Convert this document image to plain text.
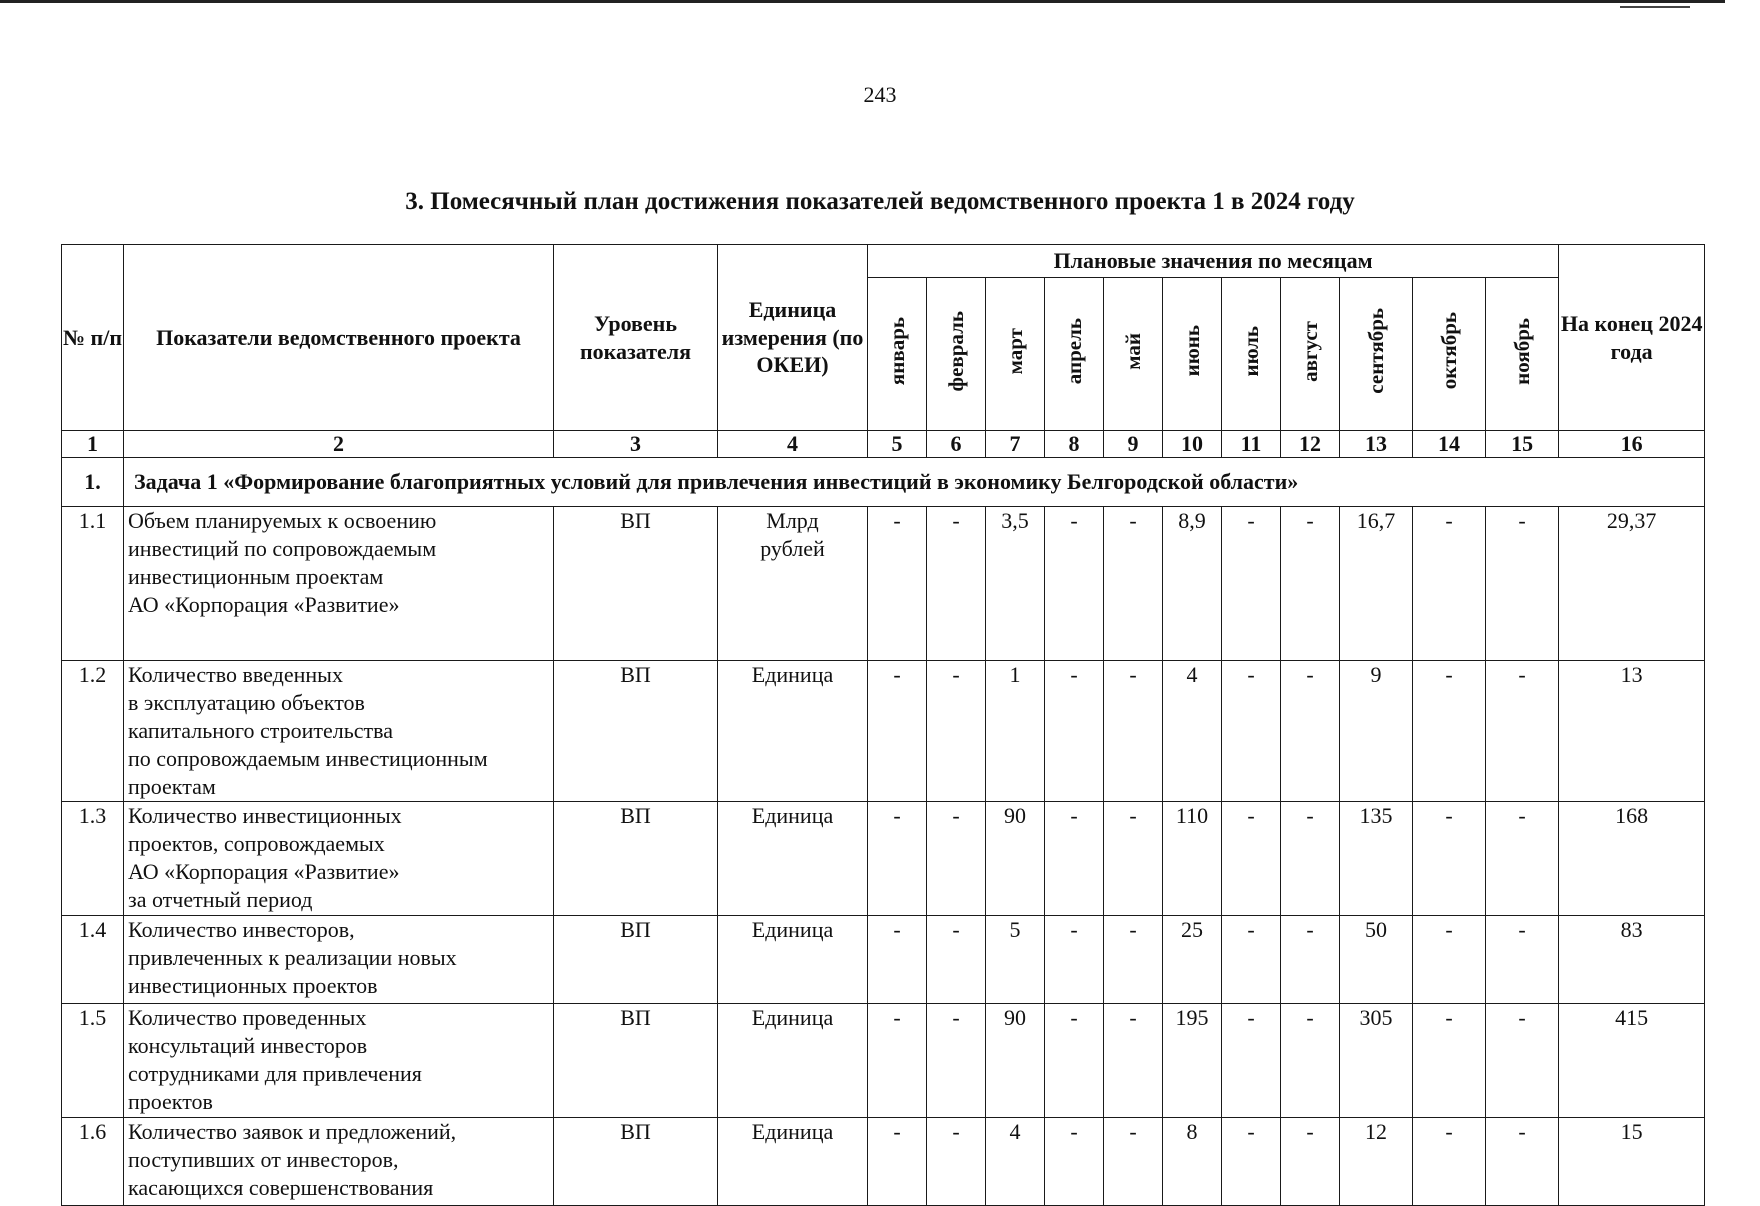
243
3. Помесячный план достижения показателей ведомственного проекта 1 в 2024 году
№ п/п	Показатели ведомственного проекта	Уровень показателя	Единица измерения (по ОКЕИ)	Плановые значения по месяцам											На конец 2024 года
				январь	февраль	март	апрель	май	июнь	июль	август	сентябрь	октябрь	ноябрь	
1	2	3	4	5	6	7	8	9	10	11	12	13	14	15	16
1.	Задача 1 «Формирование благоприятных условий для привлечения инвестиций в экономику Белгородской области»														
1.1	Объем планируемых к освоению
инвестиций по сопровождаемым
инвестиционным проектам
АО «Корпорация «Развитие»	ВП	Млрд
рублей	-	-	3,5	-	-	8,9	-	-	16,7	-	-	29,37
1.2	Количество введенных
в эксплуатацию объектов
капитального строительства
по сопровождаемым инвестиционным
проектам	ВП	Единица	-	-	1	-	-	4	-	-	9	-	-	13
1.3	Количество инвестиционных
проектов, сопровождаемых
АО «Корпорация «Развитие»
за отчетный период	ВП	Единица	-	-	90	-	-	110	-	-	135	-	-	168
1.4	Количество инвесторов,
привлеченных к реализации новых
инвестиционных проектов	ВП	Единица	-	-	5	-	-	25	-	-	50	-	-	83
1.5	Количество проведенных
консультаций инвесторов
сотрудниками для привлечения
проектов	ВП	Единица	-	-	90	-	-	195	-	-	305	-	-	415
1.6	Количество заявок и предложений,
поступивших от инвесторов,
касающихся совершенствования	ВП	Единица	-	-	4	-	-	8	-	-	12	-	-	15
